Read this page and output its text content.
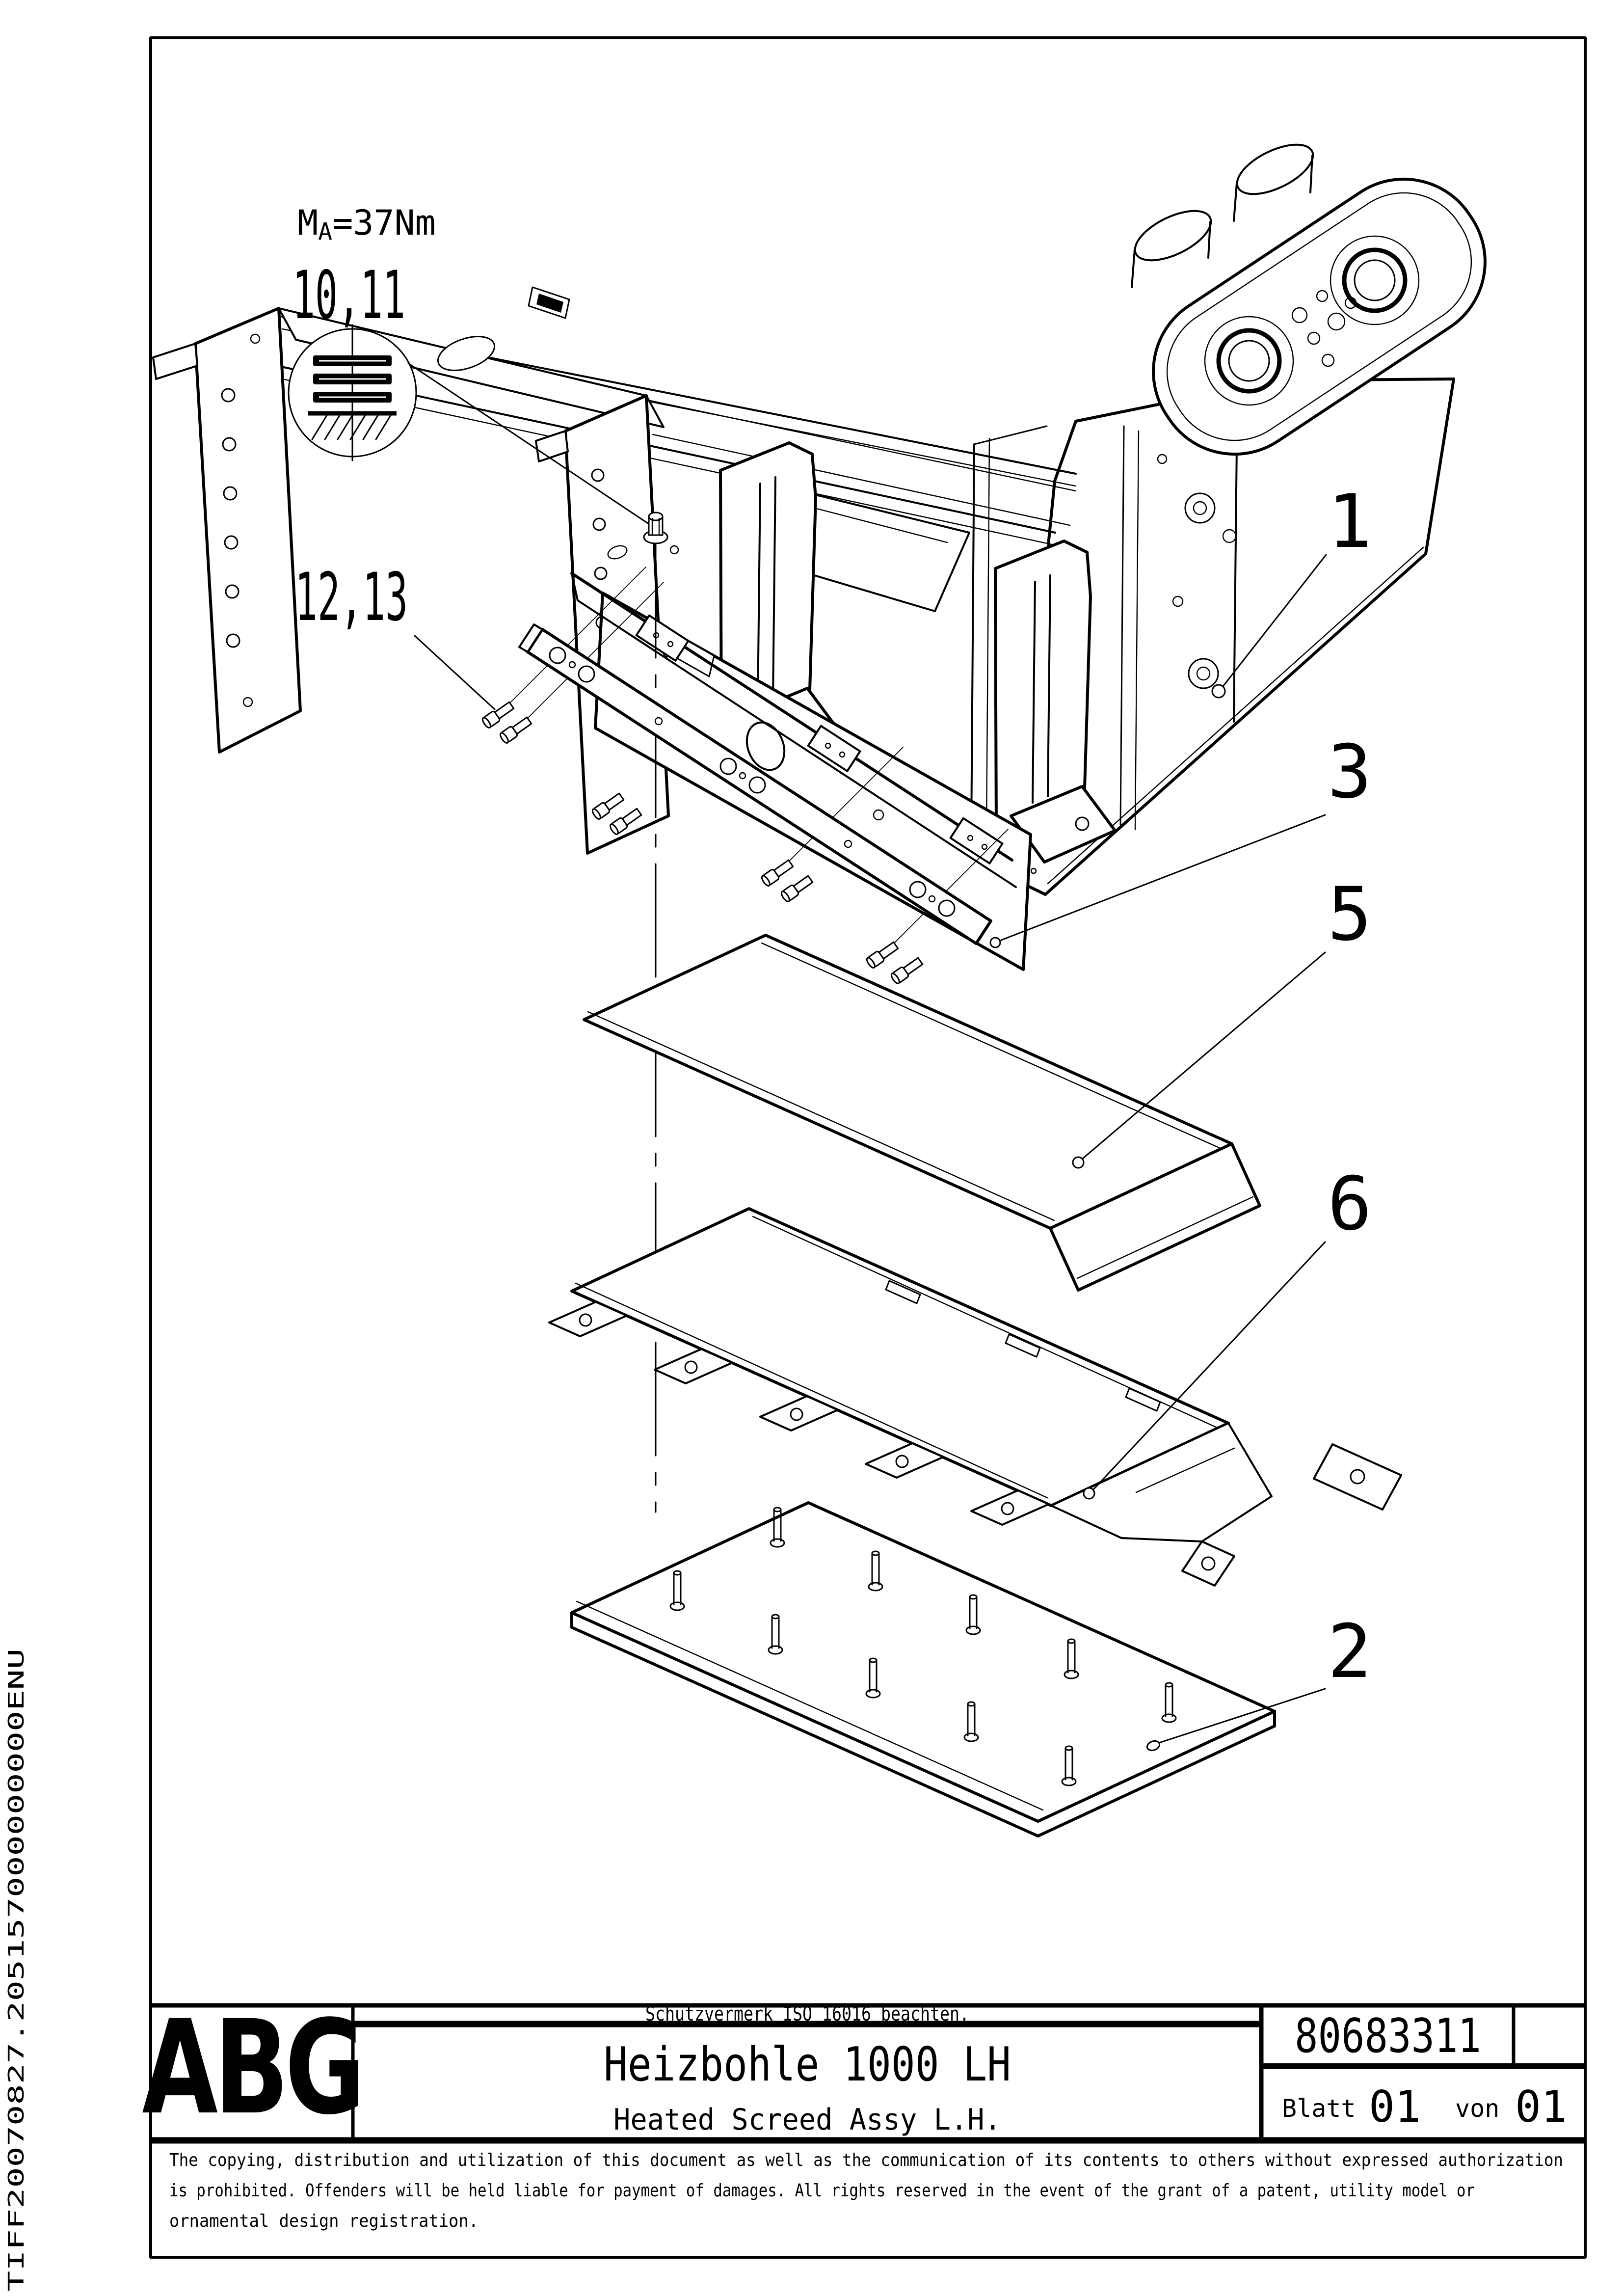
MA=37Nm
10,11
12,13
1
3
5
6
2
ABG	Schutzvermerk ISO 16016 beachten.
Heizbohle 1000 LH
Heated Screed Assy L.H.
80683311
Blatt 01 von 01
The copying, distribution and utilization of this document as well as the communication of its contents to others without expressed authorization
is prohibited. Offenders will be held liable for payment of damages. All rights reserved in the event of the grant of a patent, utility model or
ornamental design registration.
TIFF20070827.205157000000000ENU
